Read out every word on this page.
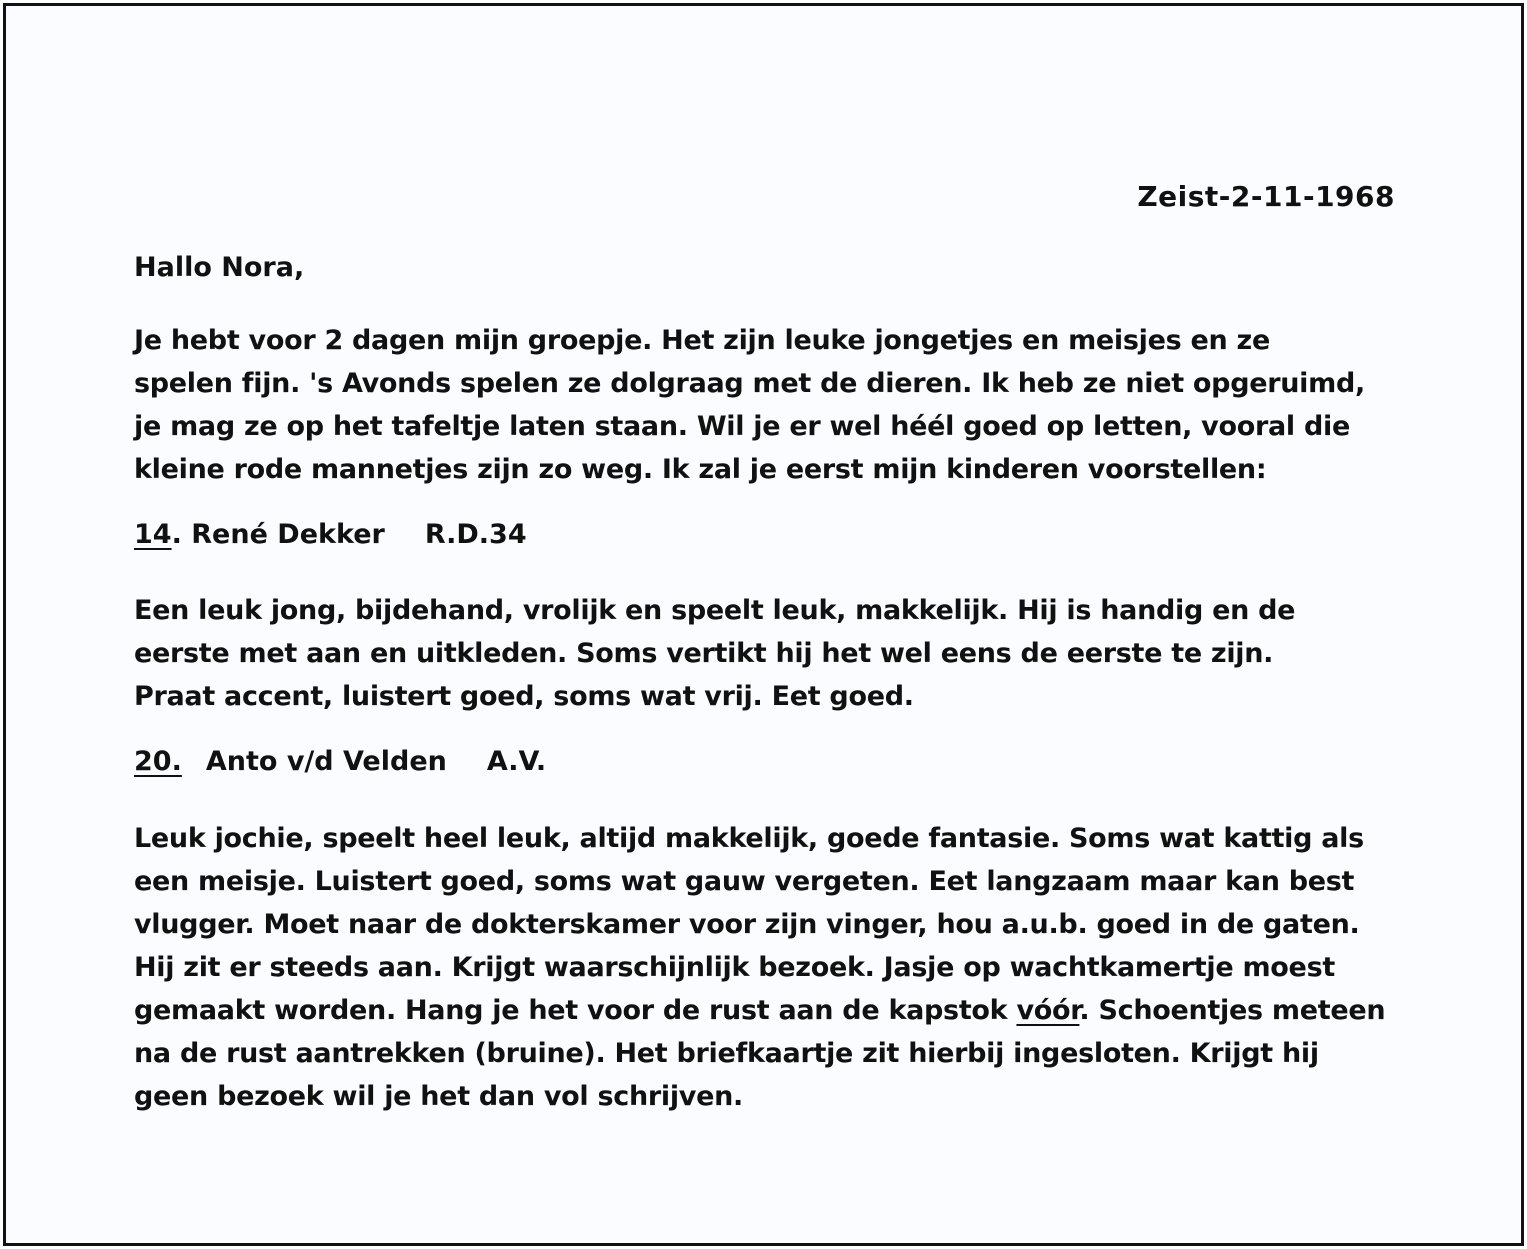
Zeist-2-11-1968
Hallo Nora,

Je hebt voor 2 dagen mijn groepje. Het zijn leuke jongetjes en meisjes en ze
spelen fijn. 's Avonds spelen ze dolgraag met de dieren. Ik heb ze niet opgeruimd,
je mag ze op het tafeltje laten staan. Wil je er wel héél goed op letten, vooral die
kleine rode mannetjes zijn zo weg. Ik zal je eerst mijn kinderen voorstellen:

14. René Dekker R.D.34

Een leuk jong, bijdehand, vrolijk en speelt leuk, makkelijk. Hij is handig en de
eerste met aan en uitkleden. Soms vertikt hij het wel eens de eerste te zijn.
Praat accent, luistert goed, soms wat vrij. Eet goed.

20. Anto v/d Velden A.V.

Leuk jochie, speelt heel leuk, altijd makkelijk, goede fantasie. Soms wat kattig als
een meisje. Luistert goed, soms wat gauw vergeten. Eet langzaam maar kan best
vlugger. Moet naar de dokterskamer voor zijn vinger, hou a.u.b. goed in de gaten.
Hij zit er steeds aan. Krijgt waarschijnlijk bezoek. Jasje op wachtkamertje moest
gemaakt worden. Hang je het voor de rust aan de kapstok vóór. Schoentjes meteen
na de rust aantrekken (bruine). Het briefkaartje zit hierbij ingesloten. Krijgt hij
geen bezoek wil je het dan vol schrijven.
